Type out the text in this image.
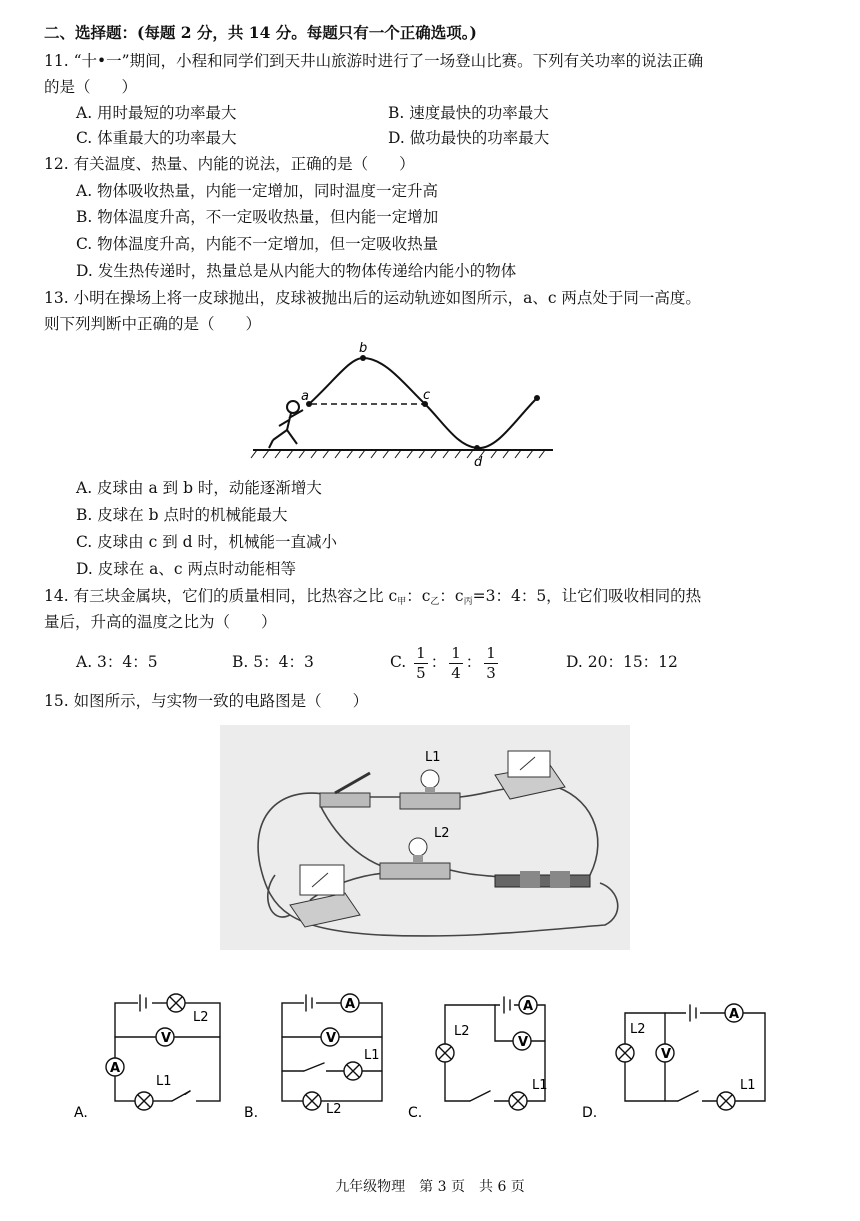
二、选择题：(每题 2 分，共 14 分。每题只有一个正确选项。)
11. “十•一”期间，小程和同学们到天井山旅游时进行了一场登山比赛。下列有关功率的说法正确
的是（　　）
A. 用时最短的功率最大	B. 速度最快的功率最大
C. 体重最大的功率最大	D. 做功最快的功率最大
12. 有关温度、热量、内能的说法，正确的是（　　）
A. 物体吸收热量，内能一定增加，同时温度一定升高
B. 物体温度升高，不一定吸收热量，但内能一定增加
C. 物体温度升高，内能不一定增加，但一定吸收热量
D. 发生热传递时，热量总是从内能大的物体传递给内能小的物体
13. 小明在操场上将一皮球抛出，皮球被抛出后的运动轨迹如图所示，a、c 两点处于同一高度。
则下列判断中正确的是（　　）
a
b
c
d
A. 皮球由 a 到 b 时，动能逐渐增大
B. 皮球在 b 点时的机械能最大
C. 皮球由 c 到 d 时，机械能一直减小
D. 皮球在 a、c 两点时动能相等
14. 有三块金属块，它们的质量相同，比热容之比 $c_甲$：$c_乙$：$c_丙=3$：4：5，让它们吸收相同的热
量后，升高的温度之比为（　　）
A. 3：4：5	B. 5：4：3	C. $\frac{1}{5}$ ： $\frac{1}{4}$ ： $\frac{1}{3}$	D. 20：15：12
15. 如图所示，与实物一致的电路图是（　　）
L1
L2
V
A
L2
L1
A.
A
V
L1
L2
B.
A
V
L2
L1
C.
A
V
L2
L1
D.
九年级物理　第 3 页　共 6 页
